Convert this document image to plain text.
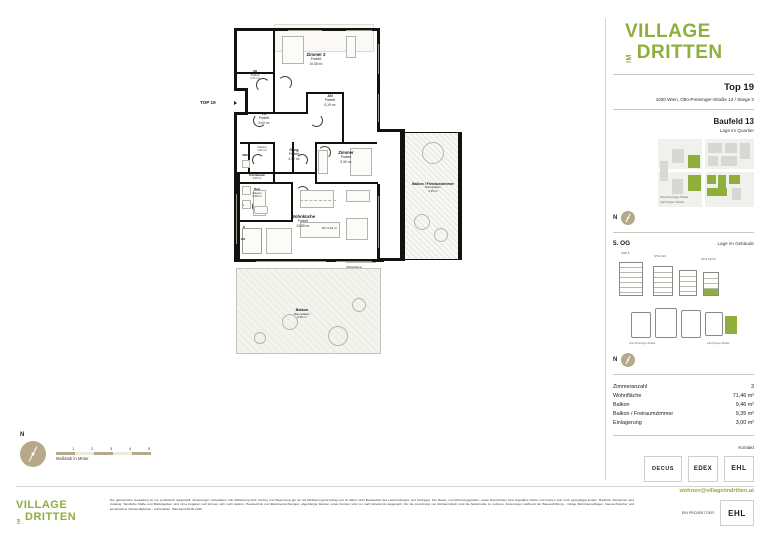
VILLAGE
IM DRITTEN
Top 19
1030 Wien, Otto-Preminger-Straße 12 / Stiege 2
Baufeld 13
Lage im Quartier
Otto-Preminger-Straße
Karl-Popper-Straße
N
5. OG	Lage im Gebäude
ASP 5
STG 123
STG 12/14
Otto-Preminger-Straße	Karl-Popper-Straße
N
Zimmeranzahl	3
Wohnfläche	71,46 m²
Balkon	9,46 m²
Balkon / Freiraumzimmer	9,35 m²
Einlagerung	3,00 m²
Kontakt
DECUS	EDEX	EHL
wohnen@villageimdritten.at
TOP 19
AR
Parkett
2,71 m²
Zimmer 2
Parkett
10,08 m²
VR
Parkett
5,63 m²
AN
Parkett
5,19 m²
WC
Fliesen
1,61 m²	Gang
Parkett
4,00 m²
Zimmer
Parkett
9,30 m²
WM
Bad
Fliesen
5,08 m²
Technikraum
2,00 m²
K
GS
Wohnküche
Parkett
24,80 m²
Balkon / Freiraumzimmer
Betonplatten
9,35 m²
Balkon
Betonplatten
9,46 m²
RH 2,64 m
Abfluss/Rinne
N
1	2	3	4	5
Maßstab in Meter
VILLAGE
IM DRITTEN
Die gärtnerische Gestaltung ist nur symbolisch dargestellt. Änderungen vorbehalten. Die Möblierung (inkl. Küche) und Begrünung gilt nur als Möblierungsvorschlag und ist daher nicht Bestandteil des Lieferumfanges und Vertrages. Die Raum- und Wohnungsgrößen, sowie Raumhöhen sind ungefähre Werte und können sich noch geringfügig ändern. Bauliche Toleranzen sind zulässig. Sämtliche Maße und Maßangaben sind circa Angaben und können sich noch ändern. Haustechnik und Elektroeinrichtungen, abgehängte Decken sowie Fenster sind nur nach Erledernis dargestellt. Für die Anordnung von Einbaumöbeln sind die Naturmaße zu nehmen. Änderungen während der Bauausführung - infolge Behördenauflagen, haustechnischer und konstruktiver Notwendigkeiten - vorbehalten. Planstand 06.02.2026
EIN PROJEKT DER	EHL
